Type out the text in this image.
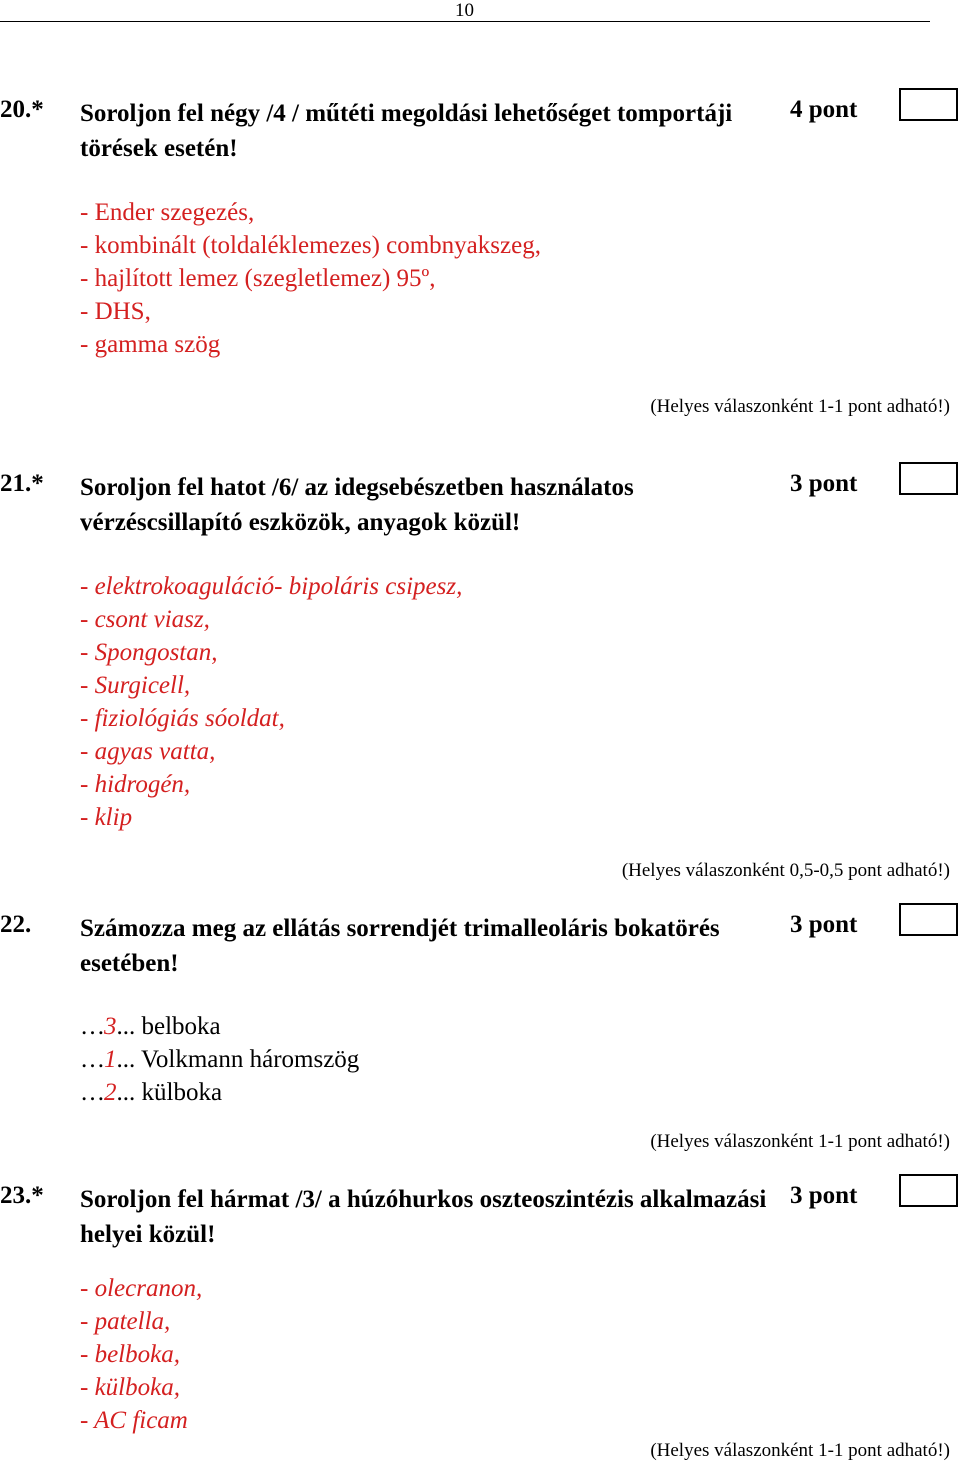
10
20.* Soroljon fel négy /4 / műtéti megoldási lehetőséget tomportáji törések esetén!
4 pont
- Ender szegezés,
- kombinált (toldaléklemezes) combnyakszeg,
- hajlított lemez (szegletlemez) 95º,
- DHS,
- gamma szög
(Helyes válaszonként 1-1 pont adható!)
21.* Soroljon fel hatot /6/ az idegsebészetben használatos vérzéscsillapító eszközök, anyagok közül!
3 pont
- elektrokoaguláció- bipoláris csipesz,
- csont viasz,
- Spongostan,
- Surgicell,
- fiziológiás sóoldat,
- agyas vatta,
- hidrogén,
- klip
(Helyes válaszonként 0,5-0,5 pont adható!)
22. Számozza meg az ellátás sorrendjét trimalleoláris bokatörés esetében!
3 pont
…3... belboka
…1... Volkmann háromszög
…2... külboka
(Helyes válaszonként 1-1 pont adható!)
23.* Soroljon fel hármat /3/ a húzóhurkos oszteoszintézis alkalmazási helyei közül!
3 pont
- olecranon,
- patella,
- belboka,
- külboka,
- AC ficam
(Helyes válaszonként 1-1 pont adható!)
